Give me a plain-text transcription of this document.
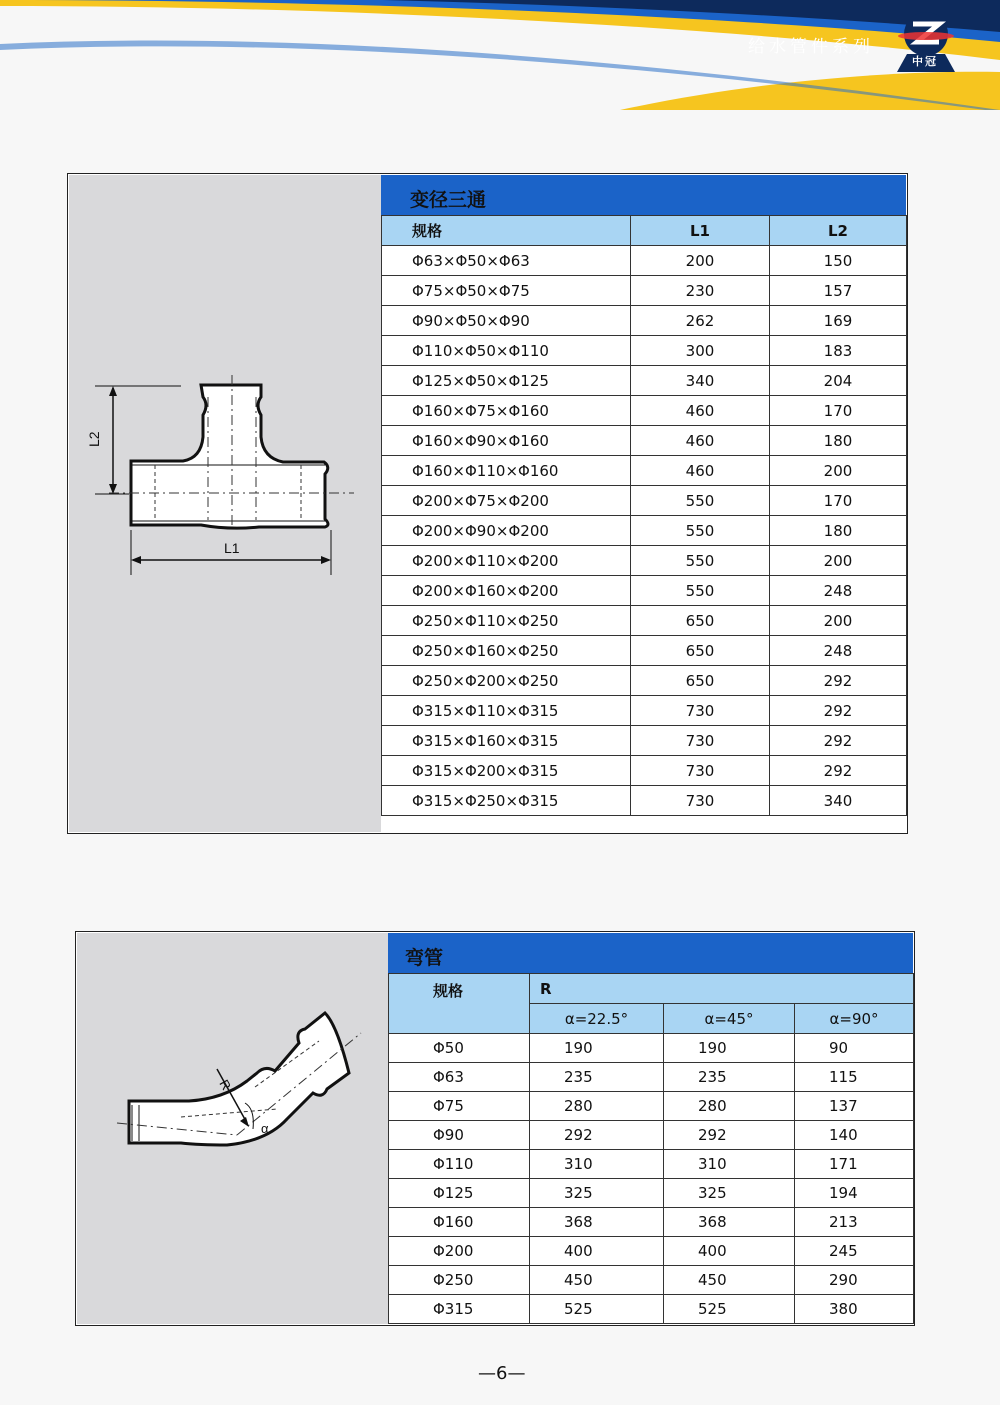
给水管件系列
中冠
变径三通
L2
L1
规格	L1	L2
Φ63×Φ50×Φ63	200	150
Φ75×Φ50×Φ75	230	157
Φ90×Φ50×Φ90	262	169
Φ110×Φ50×Φ110	300	183
Φ125×Φ50×Φ125	340	204
Φ160×Φ75×Φ160	460	170
Φ160×Φ90×Φ160	460	180
Φ160×Φ110×Φ160	460	200
Φ200×Φ75×Φ200	550	170
Φ200×Φ90×Φ200	550	180
Φ200×Φ110×Φ200	550	200
Φ200×Φ160×Φ200	550	248
Φ250×Φ110×Φ250	650	200
Φ250×Φ160×Φ250	650	248
Φ250×Φ200×Φ250	650	292
Φ315×Φ110×Φ315	730	292
Φ315×Φ160×Φ315	730	292
Φ315×Φ200×Φ315	730	292
Φ315×Φ250×Φ315	730	340
弯管
R
α
规格	R		
	α=22.5°	α=45°	α=90°
Φ50	190	190	90
Φ63	235	235	115
Φ75	280	280	137
Φ90	292	292	140
Φ110	310	310	171
Φ125	325	325	194
Φ160	368	368	213
Φ200	400	400	245
Φ250	450	450	290
Φ315	525	525	380
—6—
